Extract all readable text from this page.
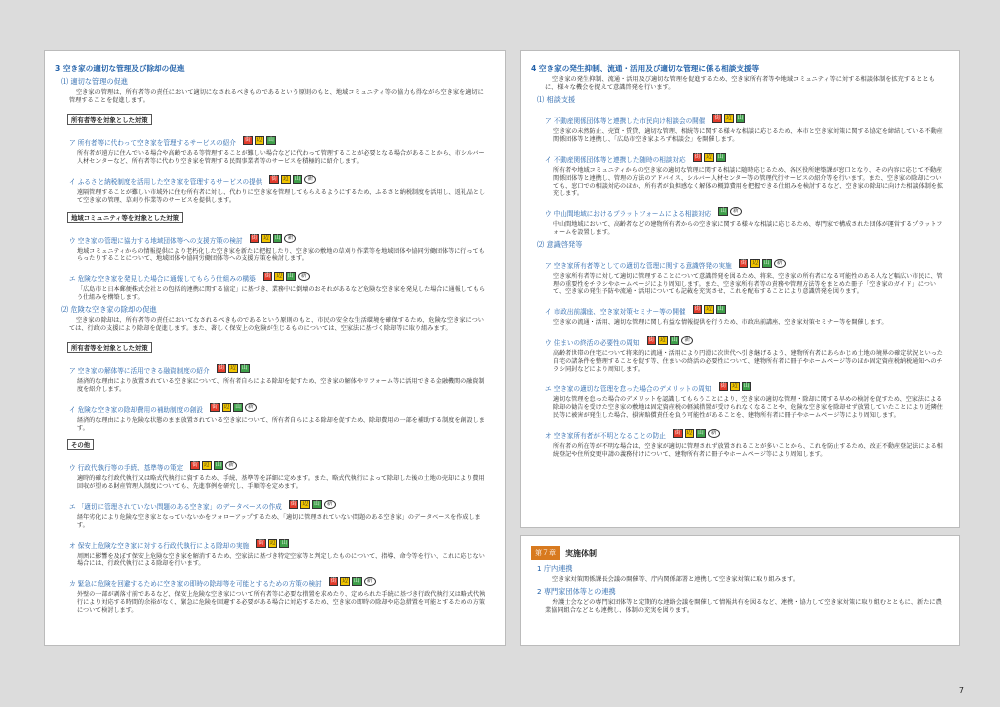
3 空き家の適切な管理及び除却の促進
⑴ 適切な管理の促進
空き家の管理は、所有者等の責任において適切になされるべきものであるという原則のもと、地域コミュニティ等の協力も得ながら空き家を適切に管理することを促進します。
所有者等を対象とした対策
ア 所有者等に代わって空き家を管理するサービスの紹介 街 辺 山
所有者が遠方に住んでいる場合や高齢である等管理することが難しい場合などに代わって管理することが必要となる場合があることから、市シルバー人材センターなど、所有者等に代わり空き家を管理する民間事業者等のサービスを積極的に紹介します。
イ ふるさと納税制度を活用した空き家を管理するサービスの提供 街 辺 山 新
遠隔管理することが難しい市域外に住む所有者に対し、代わりに空き家を管理してもらえるようにするため、ふるさと納税制度を活用し、返礼品として空き家の管理、草刈り作業等のサービスを提供します。
地域コミュニティ等を対象とした対策
ウ 空き家の管理に協力する地域団体等への支援方策の検討 街 辺 山 新
地域コミュニティからの情報提供により老朽化した空き家を新たに把握したり、空き家の敷地の草刈り作業等を地域団体や協同労働団体等に行ってもらったりすることについて、地域団体や協同労働団体等への支援方策を検討します。
エ 危険な空き家を発見した場合に通報してもらう仕組みの構築 街 辺 山 新
「広島市と日本郵便株式会社との包括的連携に関する協定」に基づき、業務中に倒壊のおそれがあるなど危険な空き家を発見した場合に通報してもらう仕組みを構築します。
⑵ 危険な空き家の除却の促進
空き家の除却は、所有者等の責任においてなされるべきものであるという原則のもと、市民の安全な生活環境を確保するため、危険な空き家については、行政の支援により除却を促進します。また、著しく保安上の危険が生じるものについては、空家法に基づく除却等に取り組みます。
所有者等を対象とした対策
ア 空き家の解体等に活用できる融資制度の紹介 街 辺 山
経済的な理由により放置されている空き家について、所有者自らによる除却を促すため、空き家の解体やリフォーム等に活用できる金融機関の融資制度を紹介します。
イ 危険な空き家の除却費用の補助制度の創設 街 辺 山 新
経済的な理由により危険な状態のまま放置されている空き家について、所有者自らによる除却を促すため、除却費用の一部を補助する制度を創設します。
その他
ウ 行政代執行等の手続、基準等の策定 街 辺 山 新
適時的確な行政代執行又は略式代執行に資するため、手続、基準等を詳細に定めます。また、略式代執行によって除却した後の土地の売却により費用回収が望める財産管理人制度についても、先進事例を研究し、手順等を定めます。
エ 「適切に管理されていない問題のある空き家」のデータベースの作成 街 辺 山 新
経年劣化により危険な空き家となっていないかをフォローアップするため、「適切に管理されていない問題のある空き家」のデータベースを作成します。
オ 保安上危険な空き家に対する行政代執行による除却の実施 街 辺 山
周囲に影響を及ぼす保安上危険な空き家を解消するため、空家法に基づき特定空家等と判定したものについて、指導、命令等を行い、これに応じない場合には、行政代執行による除却を行います。
カ 緊急に危険を回避するために空き家の即時の除却等を可能とするための方策の検討 街 辺 山 新
外壁の一部が剥落寸前であるなど、保安上危険な空き家について所有者等に必要な措置を求めたり、定められた手続に基づき行政代執行又は略式代執行により対応する時間的余裕がなく、緊急に危険を回避する必要がある場合に対応するため、空き家の即時の除却や応急措置を可能とするための方策について検討します。
4 空き家の発生抑制、流通・活用及び適切な管理に係る相談支援等
空き家の発生抑制、流通・活用及び適切な管理を促進するため、空き家所有者等や地域コミュニティ等に対する相談体制を拡充するとともに、様々な機会を捉えて意識啓発を行います。
⑴ 相談支援
ア 不動産関係団体等と連携した市民向け相談会の開催 街 辺 山
空き家の未然防止、売買・賃貸、適切な管理、相続等に関する様々な相談に応じるため、本市と空き家対策に関する協定を締結している不動産関係団体等と連携し、「広島市空き家よろず相談会」を開催します。
イ 不動産関係団体等と連携した随時の相談対応 街 辺 山
所有者や地域コミュニティからの空き家の適切な管理に関する相談に随時応じるため、各区役所建築課が窓口となり、その内容に応じて不動産関係団体等と連携し、管理の方法のアドバイス、シルバー人材センター等の管理代行サービスの紹介等を行います。また、空き家の除却についても、窓口での相談対応のほか、所有者が負担感なく解体の概算費用を把握できる仕組みを検討するなど、空き家の除却に向けた相談体制を拡充します。
ウ 中山間地域におけるプラットフォームによる相談対応 山 新
中山間地域において、高齢者などの建物所有者からの空き家に関する様々な相談に応じるため、専門家で構成された団体が運営するプラットフォームを設置します。
⑵ 意識啓発等
ア 空き家所有者等としての適切な管理に関する意識啓発の実施 街 辺 山 新
空き家所有者等に対して適切に管理することについて意識啓発を図るため、将来、空き家の所有者になる可能性のある人など幅広い市民に、管理の重要性をチラシやホームページにより周知します。また、空き家所有者等の責務や管理方法等をまとめた冊子「空き家のガイド」について、空き家の発生予防や流通・活用についても記載を充実させ、これを配布することにより意識啓発を図ります。
イ 市政出前講座、空き家対策セミナー等の開催 街 辺 山
空き家の流通・活用、適切な管理に関し有益な情報提供を行うため、市政出前講座、空き家対策セミナー等を開催します。
ウ 住まいの終活の必要性の周知 街 辺 山 新
高齢者世帯の住宅について将来的に流通・活用により円滑に次世代へ引き継げるよう、建物所有者にあらかじめ土地の境界の確定状況といった自宅の諸条件を整理することを促す等、住まいの終活の必要性について、建物所有者に冊子やホームページ等のほか固定資産税納税通知へのチラシ同封などにより周知します。
エ 空き家の適切な管理を怠った場合のデメリットの周知 街 辺 山
適切な管理を怠った場合のデメリットを認識してもらうことにより、空き家の適切な管理・除却に関する早めの検討を促すため、空家法による除却の勧告を受けた空き家の敷地は固定資産税の軽減措置が受けられなくなることや、危険な空き家を除却せず放置していたことにより近隣住民等に被害が発生した場合、損害賠償責任を負う可能性があることを、建物所有者に冊子やホームページ等により周知します。
オ 空き家所有者が不明となることの防止 街 辺 山 新
所有者の所在等が不明な場合は、空き家が適切に管理されず放置されることが多いことから、これを防止するため、改正不動産登記法による相続登記や住所変更申請の義務付けについて、建物所有者に冊子やホームページ等により周知します。
第７章	実施体制
1 庁内連携
空き家対策関係課長会議の開催等、庁内関係部署と連携して空き家対策に取り組みます。
2 専門家団体等との連携
弁護士会などの専門家団体等と定期的な連絡会議を開催して情報共有を図るなど、連携・協力して空き家対策に取り組むとともに、新たに農業協同組合などとも連携し、体制の充実を図ります。
7
